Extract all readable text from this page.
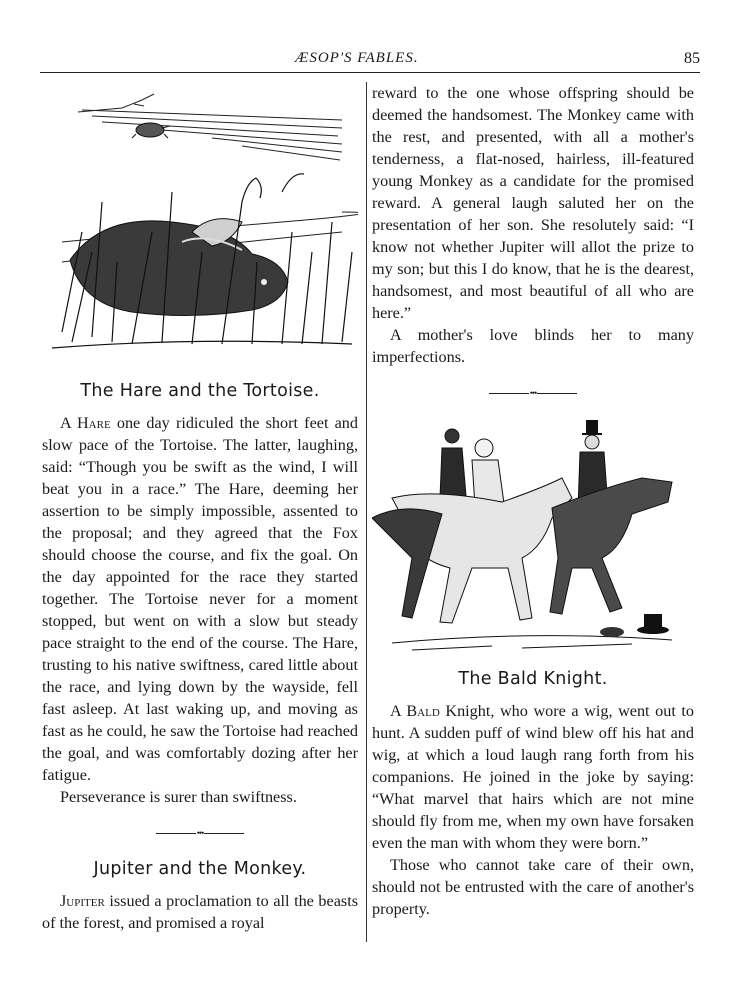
ÆSOP'S FABLES.	85
The Hare and the Tortoise.

A Hare one day ridiculed the short feet and slow pace of the Tortoise. The latter, laughing, said: “Though you be swift as the wind, I will beat you in a race.” The Hare, deeming her assertion to be simply impossible, assented to the proposal; and they agreed that the Fox should choose the course, and fix the goal. On the day appointed for the race they started together. The Tortoise never for a moment stopped, but went on with a slow but steady pace straight to the end of the course. The Hare, trusting to his native swiftness, cared little about the race, and lying down by the wayside, fell fast asleep. At last waking up, and moving as fast as he could, he saw the Tortoise had reached the goal, and was comfortably dozing after her fatigue.

Perseverance is surer than swiftness.

•••
Jupiter and the Monkey.

Jupiter issued a proclamation to all the beasts of the forest, and promised a royal

reward to the one whose offspring should be deemed the handsomest. The Monkey came with the rest, and presented, with all a mother's tenderness, a flat-nosed, hairless, ill-featured young Monkey as a candidate for the promised reward. A general laugh saluted her on the presentation of her son. She resolutely said: “I know not whether Jupiter will allot the prize to my son; but this I do know, that he is the dearest, handsomest, and most beautiful of all who are here.”

A mother's love blinds her to many imperfections.

•••
The Bald Knight.

A Bald Knight, who wore a wig, went out to hunt. A sudden puff of wind blew off his hat and wig, at which a loud laugh rang forth from his companions. He joined in the joke by saying: “What marvel that hairs which are not mine should fly from me, when my own have forsaken even the man with whom they were born.”

Those who cannot take care of their own, should not be entrusted with the care of another's property.
